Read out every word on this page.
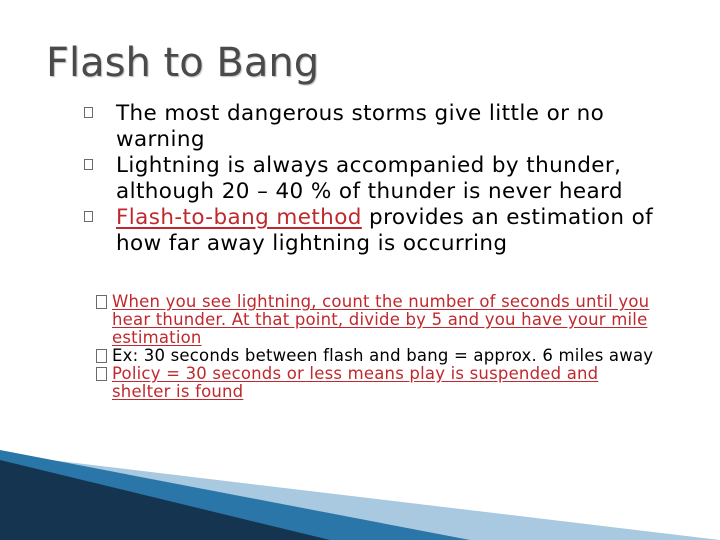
Flash to Bang
The most dangerous storms give little or no warning
Lightning is always accompanied by thunder, although 20 – 40 % of thunder is never heard
Flash-to-bang method provides an estimation of how far away lightning is occurring
When you see lightning, count the number of seconds until you hear thunder. At that point, divide by 5 and you have your mile estimation
Ex: 30 seconds between flash and bang = approx. 6 miles away
Policy = 30 seconds or less means play is suspended and shelter is found
